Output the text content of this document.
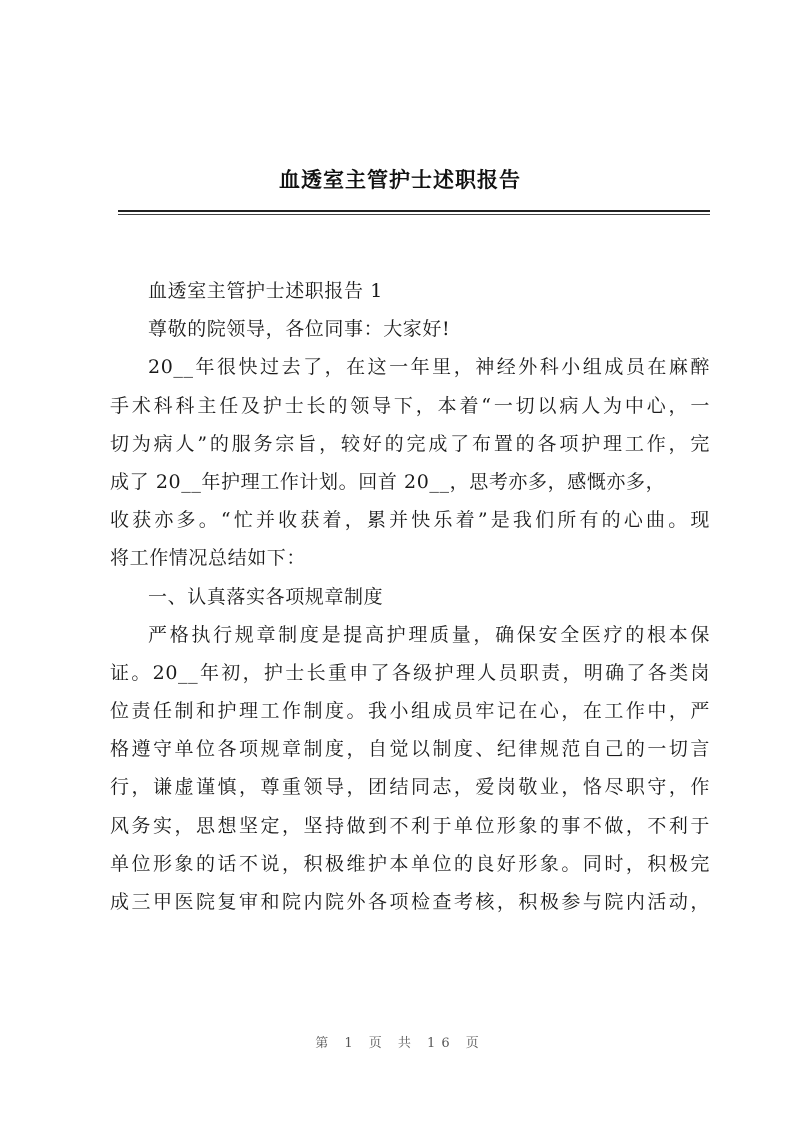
血透室主管护士述职报告
血透室主管护士述职报告 1
尊敬的院领导，各位同事：大家好!
20__年很快过去了，在这一年里，神经外科小组成员在麻醉
手术科科主任及护士长的领导下，本着“一切以病人为中心，一
切为病人”的服务宗旨，较好的完成了布置的各项护理工作，完
成了 20__年护理工作计划。回首 20__，思考亦多，感慨亦多，
收获亦多。“忙并收获着，累并快乐着”是我们所有的心曲。现
将工作情况总结如下：
一、认真落实各项规章制度
严格执行规章制度是提高护理质量，确保安全医疗的根本保
证。20__年初，护士长重申了各级护理人员职责，明确了各类岗
位责任制和护理工作制度。我小组成员牢记在心，在工作中，严
格遵守单位各项规章制度，自觉以制度、纪律规范自己的一切言
行，谦虚谨慎，尊重领导，团结同志，爱岗敬业，恪尽职守，作
风务实，思想坚定，坚持做到不利于单位形象的事不做，不利于
单位形象的话不说，积极维护本单位的良好形象。同时，积极完
成三甲医院复审和院内院外各项检查考核，积极参与院内活动，
第 1 页 共 16 页
